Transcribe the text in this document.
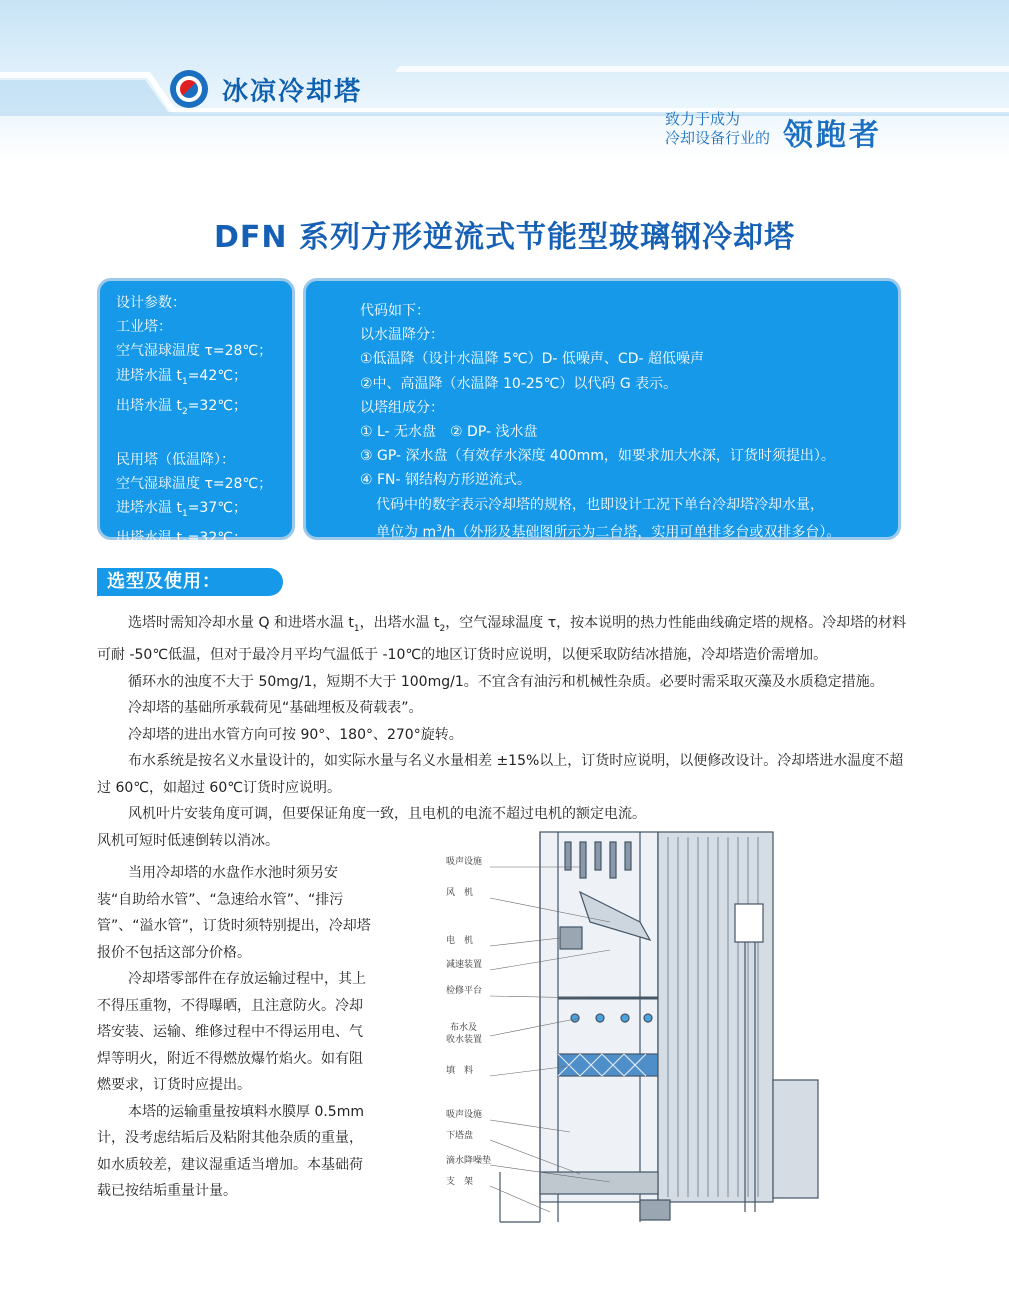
冰凉冷却塔
致力于成为
冷却设备行业的 领跑者
DFN 系列方形逆流式节能型玻璃钢冷却塔
设计参数：
工业塔：
空气湿球温度 τ=28℃；
进塔水温 $t_1=42℃$；
出塔水温 $t_2=32℃$；
民用塔（低温降）：
空气湿球温度 τ=28℃；
进塔水温 $t_1=37℃$；
出塔水温 $t_2=32℃$；
代码如下：
以水温降分：
①低温降（设计水温降 5℃）D- 低噪声、CD- 超低噪声
②中、高温降（水温降 10-25℃）以代码 G 表示。
以塔组成分：
① L- 无水盘　② DP- 浅水盘
③ GP- 深水盘（有效存水深度 400mm，如要求加大水深，订货时须提出）。
④ FN- 钢结构方形逆流式。
代码中的数字表示冷却塔的规格，也即设计工况下单台冷却塔冷却水量，
单位为 $m^3/h$（外形及基础图所示为二台塔，实用可单排多台或双排多台）。
选型及使用：

选塔时需知冷却水量 Q 和进塔水温 $t_1$，出塔水温 $t_2$，空气湿球温度 τ，按本说明的热力性能曲线确定塔的规格。冷却塔的材料可耐 -50℃低温，但对于最冷月平均气温低于 -10℃的地区订货时应说明，以便采取防结冰措施，冷却塔造价需增加。

循环水的浊度不大于 50mg/1，短期不大于 100mg/1。不宜含有油污和机械性杂质。必要时需采取灭藻及水质稳定措施。

冷却塔的基础所承载荷见“基础埋板及荷载表”。

冷却塔的进出水管方向可按 90°、180°、270°旋转。

布水系统是按名义水量设计的，如实际水量与名义水量相差 ±15%以上，订货时应说明，以便修改设计。冷却塔进水温度不超过 60℃，如超过 60℃订货时应说明。

风机叶片安装角度可调，但要保证角度一致，且电机的电流不超过电机的额定电流。

风机可短时低速倒转以消冰。

当用冷却塔的水盘作水池时须另安装“自助给水管”、“急速给水管”、“排污管”、“溢水管”，订货时须特别提出，冷却塔报价不包括这部分价格。

冷却塔零部件在存放运输过程中，其上不得压重物，不得曝晒，且注意防火。冷却塔安装、运输、维修过程中不得运用电、气焊等明火，附近不得燃放爆竹焰火。如有阻燃要求，订货时应提出。

本塔的运输重量按填料水膜厚 0.5mm 计，没考虑结垢后及粘附其他杂质的重量，如水质较差，建议湿重适当增加。本基础荷载已按结垢重量计量。

吸声设施
风　机
电　机
减速装置
检修平台
布水及
收水装置
填　料
吸声设施
下塔盘
滴水降噪垫
支　架
